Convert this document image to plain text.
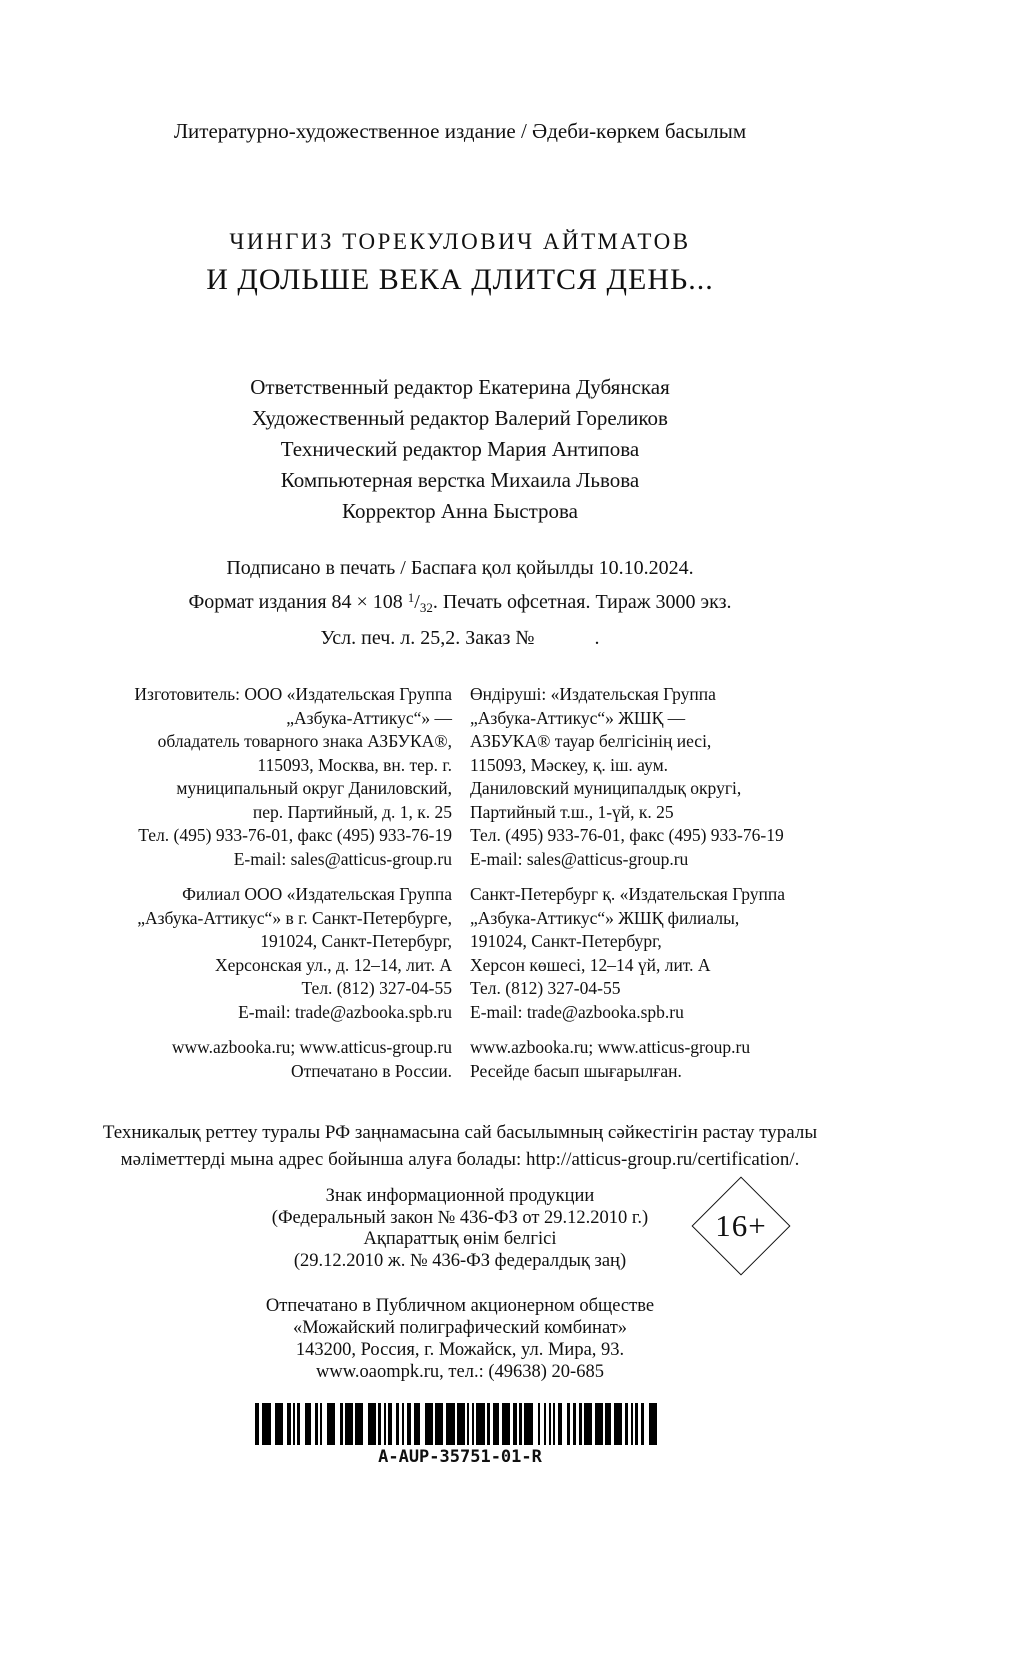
Литературно-художественное издание / Әдеби-көркем басылым
ЧИНГИЗ ТОРЕКУЛОВИЧ АЙТМАТОВ
И ДОЛЬШЕ ВЕКА ДЛИТСЯ ДЕНЬ...
Ответственный редактор Екатерина Дубянская
Художественный редактор Валерий Гореликов
Технический редактор Мария Антипова
Компьютерная верстка Михаила Львова
Корректор Анна Быстрова
Подписано в печать / Баспаға қол қойылды 10.10.2024.
Формат издания 84 × 108 $^1/_{32}$. Печать офсетная. Тираж 3000 экз.
Усл. печ. л. 25,2. Заказ №            .
Изготовитель: ООО «Издательская Группа
„Азбука-Аттикус“» —
обладатель товарного знака АЗБУКА®,
115093, Москва, вн. тер. г.
муниципальный округ Даниловский,
пер. Партийный, д. 1, к. 25
Тел. (495) 933-76-01, факс (495) 933-76-19
E-mail: sales@atticus-group.ru
Филиал ООО «Издательская Группа
„Азбука-Аттикус“» в г. Санкт-Петербурге,
191024, Санкт-Петербург,
Херсонская ул., д. 12–14, лит. А
Тел. (812) 327-04-55
E-mail: trade@azbooka.spb.ru
www.azbooka.ru; www.atticus-group.ru
Отпечатано в России.
Өндіруші: «Издательская Группа
„Азбука-Аттикус“» ЖШҚ —
АЗБУКА® тауар белгісінің иесі,
115093, Мәскеу, қ. іш. аум.
Даниловский муниципалдық округі,
Партийный т.ш., 1-үй, к. 25
Тел. (495) 933-76-01, факс (495) 933-76-19
E-mail: sales@atticus-group.ru
Санкт-Петербург қ. «Издательская Группа
„Азбука-Аттикус“» ЖШҚ филиалы,
191024, Санкт-Петербург,
Херсон көшесі, 12–14 үй, лит. А
Тел. (812) 327-04-55
E-mail: trade@azbooka.spb.ru
www.azbooka.ru; www.atticus-group.ru
Ресейде басып шығарылған.
Техникалық реттеу туралы РФ заңнамасына сай басылымның сәйкестігін растау туралы
мәліметтерді мына адрес бойынша алуға болады: http://atticus-group.ru/certification/.
Знак информационной продукции
(Федеральный закон № 436-ФЗ от 29.12.2010 г.)
Ақпараттық өнім белгісі
(29.12.2010 ж. № 436-ФЗ федералдық заң)
16+
Отпечатано в Публичном акционерном обществе
«Можайский полиграфический комбинат»
143200, Россия, г. Можайск, ул. Мира, 93.
www.oaompk.ru, тел.: (49638) 20-685
A-AUP-35751-01-R
